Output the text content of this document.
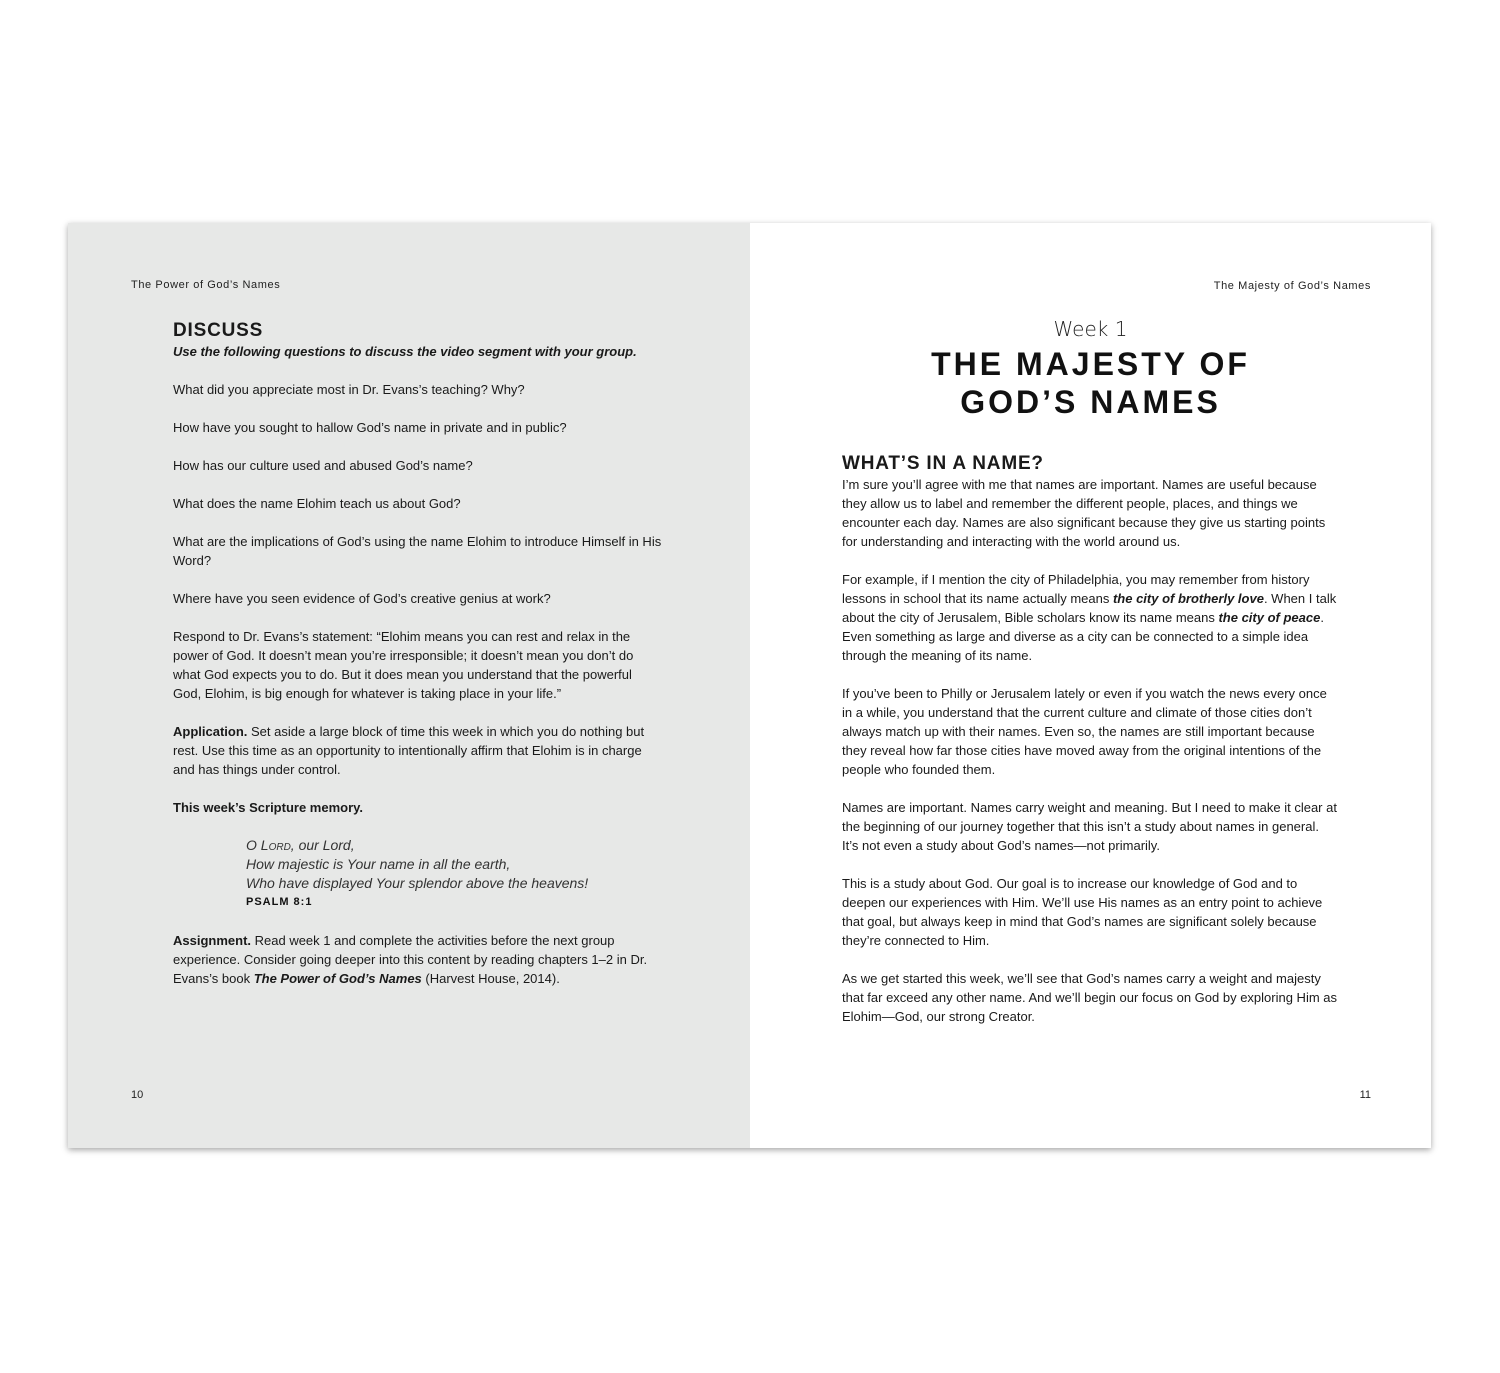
The Power of God’s Names
DISCUSS

Use the following questions to discuss the video segment with your group.

What did you appreciate most in Dr. Evans’s teaching? Why?

How have you sought to hallow God’s name in private and in public?

How has our culture used and abused God’s name?

What does the name Elohim teach us about God?

What are the implications of God’s using the name Elohim to introduce Himself in His Word?

Where have you seen evidence of God’s creative genius at work?

Respond to Dr. Evans’s statement: “Elohim means you can rest and relax in the power of God. It doesn’t mean you’re irresponsible; it doesn’t mean you don’t do what God expects you to do. But it does mean you understand that the powerful God, Elohim, is big enough for whatever is taking place in your life.”

Application. Set aside a large block of time this week in which you do nothing but rest. Use this time as an opportunity to intentionally affirm that Elohim is in charge and has things under control.

This week’s Scripture memory.

O Lord, our Lord,
How majestic is Your name in all the earth,
Who have displayed Your splendor above the heavens!
PSALM 8:1

Assignment. Read week 1 and complete the activities before the next group experience. Consider going deeper into this content by reading chapters 1–2 in Dr. Evans’s book The Power of God’s Names (Harvest House, 2014).

10
The Majesty of God’s Names
Week 1
THE MAJESTY OF
GOD’S NAMES
WHAT’S IN A NAME?

I’m sure you’ll agree with me that names are important. Names are useful because they allow us to label and remember the different people, places, and things we encounter each day. Names are also significant because they give us starting points for understanding and interacting with the world around us.

For example, if I mention the city of Philadelphia, you may remember from history lessons in school that its name actually means the city of brotherly love. When I talk about the city of Jerusalem, Bible scholars know its name means the city of peace. Even something as large and diverse as a city can be connected to a simple idea through the meaning of its name.

If you’ve been to Philly or Jerusalem lately or even if you watch the news every once in a while, you understand that the current culture and climate of those cities don’t always match up with their names. Even so, the names are still important because they reveal how far those cities have moved away from the original intentions of the people who founded them.

Names are important. Names carry weight and meaning. But I need to make it clear at the beginning of our journey together that this isn’t a study about names in general. It’s not even a study about God’s names—not primarily.

This is a study about God. Our goal is to increase our knowledge of God and to deepen our experiences with Him. We’ll use His names as an entry point to achieve that goal, but always keep in mind that God’s names are significant solely because they’re connected to Him.

As we get started this week, we’ll see that God’s names carry a weight and majesty that far exceed any other name. And we’ll begin our focus on God by exploring Him as Elohim—God, our strong Creator.

11
